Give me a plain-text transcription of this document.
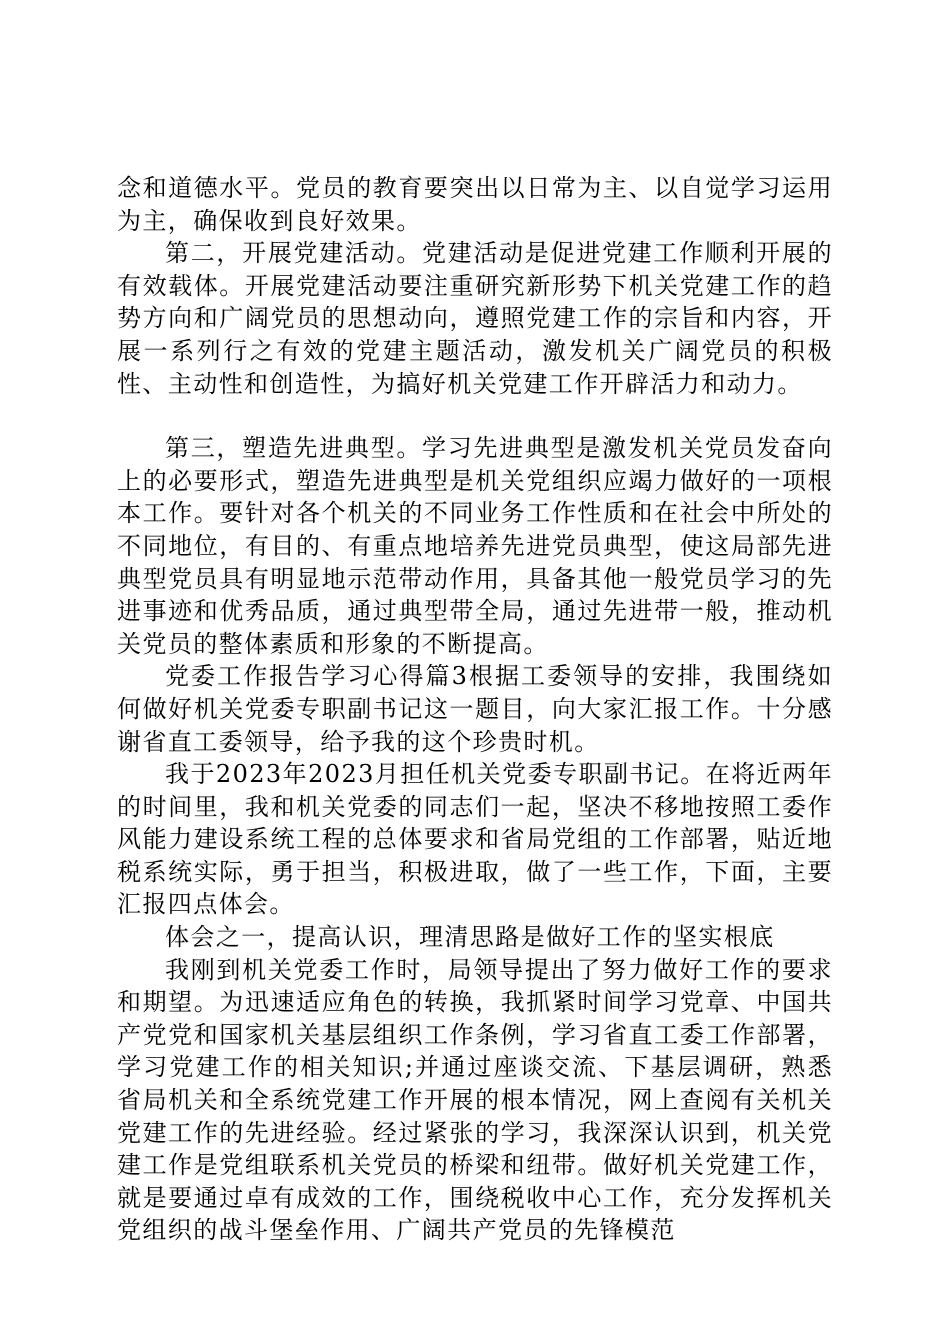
念和道德水平。党员的教育要突出以日常为主、以自觉学习运用为主，确保收到良好效果。

第二，开展党建活动。党建活动是促进党建工作顺利开展的有效载体。开展党建活动要注重研究新形势下机关党建工作的趋势方向和广阔党员的思想动向，遵照党建工作的宗旨和内容，开展一系列行之有效的党建主题活动，激发机关广阔党员的积极性、主动性和创造性，为搞好机关党建工作开辟活力和动力。

第三，塑造先进典型。学习先进典型是激发机关党员发奋向上的必要形式，塑造先进典型是机关党组织应竭力做好的一项根本工作。要针对各个机关的不同业务工作性质和在社会中所处的不同地位，有目的、有重点地培养先进党员典型，使这局部先进典型党员具有明显地示范带动作用，具备其他一般党员学习的先进事迹和优秀品质，通过典型带全局，通过先进带一般，推动机关党员的整体素质和形象的不断提高。

党委工作报告学习心得篇3根据工委领导的安排，我围绕如何做好机关党委专职副书记这一题目，向大家汇报工作。十分感谢省直工委领导，给予我的这个珍贵时机。

我于2023年2023月担任机关党委专职副书记。在将近两年的时间里，我和机关党委的同志们一起，坚决不移地按照工委作风能力建设系统工程的总体要求和省局党组的工作部署，贴近地税系统实际，勇于担当，积极进取，做了一些工作，下面，主要汇报四点体会。

体会之一，提高认识，理清思路是做好工作的坚实根底

我刚到机关党委工作时，局领导提出了努力做好工作的要求和期望。为迅速适应角色的转换，我抓紧时间学习党章、中国共产党党和国家机关基层组织工作条例，学习省直工委工作部署，学习党建工作的相关知识;并通过座谈交流、下基层调研，熟悉省局机关和全系统党建工作开展的根本情况，网上查阅有关机关党建工作的先进经验。经过紧张的学习，我深深认识到，机关党建工作是党组联系机关党员的桥梁和纽带。做好机关党建工作，就是要通过卓有成效的工作，围绕税收中心工作，充分发挥机关党组织的战斗堡垒作用、广阔共产党员的先锋模范
